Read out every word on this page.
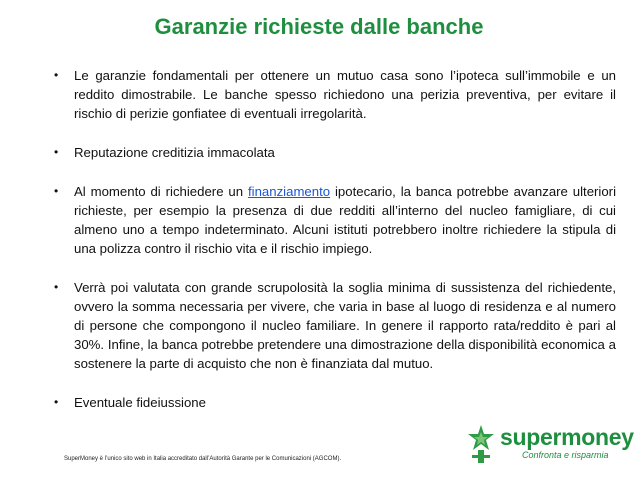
Garanzie richieste dalle banche
• Le garanzie fondamentali per ottenere un mutuo casa sono l’ipoteca sull’immobile e un reddito dimostrabile. Le banche spesso richiedono una perizia preventiva, per evitare il rischio di perizie gonfiatee di eventuali irregolarità.
• Reputazione creditizia immacolata
• Al momento di richiedere un finanziamento ipotecario, la banca potrebbe avanzare ulteriori richieste, per esempio la presenza di due redditi all’interno del nucleo famigliare, di cui almeno uno a tempo indeterminato. Alcuni istituti potrebbero inoltre richiedere la stipula di una polizza contro il rischio vita e il rischio impiego.
• Verrà poi valutata con grande scrupolosità la soglia minima di sussistenza del richiedente, ovvero la somma necessaria per vivere, che varia in base al luogo di residenza e al numero di persone che compongono il nucleo familiare. In genere il rapporto rata/reddito è pari al 30%. Infine, la banca potrebbe pretendere una dimostrazione della disponibilità economica a sostenere la parte di acquisto che non è finanziata dal mutuo.
• Eventuale fideiussione
SuperMoney è l’unico sito web in Italia accreditato dall’Autorità Garante per le Comunicazioni (AGCOM).
supermoney
Confronta e risparmia
